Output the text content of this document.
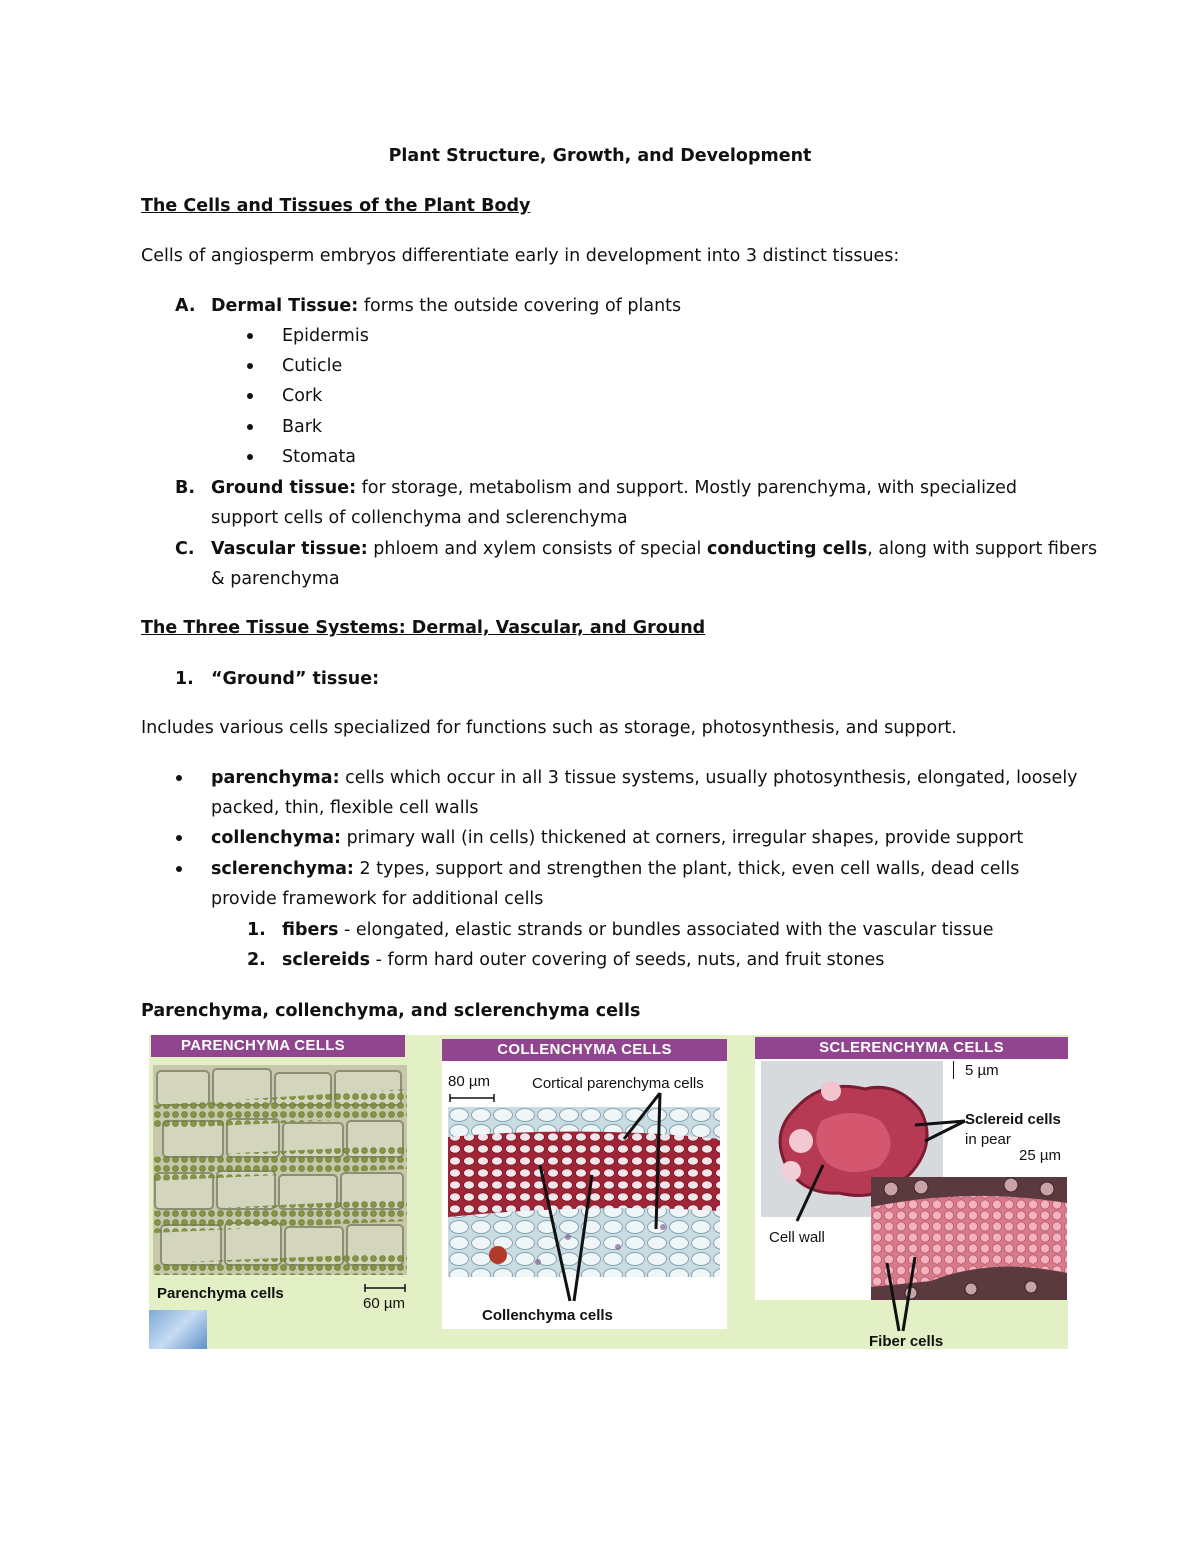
Plant Structure, Growth, and Development
The Cells and Tissues of the Plant Body
Cells of angiosperm embryos differentiate early in development into 3 distinct tissues:
A. Dermal Tissue: forms the outside covering of plants
Epidermis
Cuticle
Cork
Bark
Stomata
B. Ground tissue: for storage, metabolism and support. Mostly parenchyma, with specialized
support cells of collenchyma and sclerenchyma
C. Vascular tissue: phloem and xylem consists of special conducting cells, along with support fibers
& parenchyma
The Three Tissue Systems: Dermal, Vascular, and Ground
1. “Ground” tissue:
Includes various cells specialized for functions such as storage, photosynthesis, and support.
parenchyma: cells which occur in all 3 tissue systems, usually photosynthesis, elongated, loosely
packed, thin, flexible cell walls
collenchyma: primary wall (in cells) thickened at corners, irregular shapes, provide support
sclerenchyma: 2 types, support and strengthen the plant, thick, even cell walls, dead cells
provide framework for additional cells
1. fibers - elongated, elastic strands or bundles associated with the vascular tissue
2. sclereids - form hard outer covering of seeds, nuts, and fruit stones
Parenchyma, collenchyma, and sclerenchyma cells
PARENCHYMA CELLS
Parenchyma cells
60 µm
COLLENCHYMA CELLS
80 µm	Cortical parenchyma cells
Collenchyma cells
SCLERENCHYMA CELLS
5 µm
Sclereid cells
in pear
25 µm
Cell wall
Fiber cells
